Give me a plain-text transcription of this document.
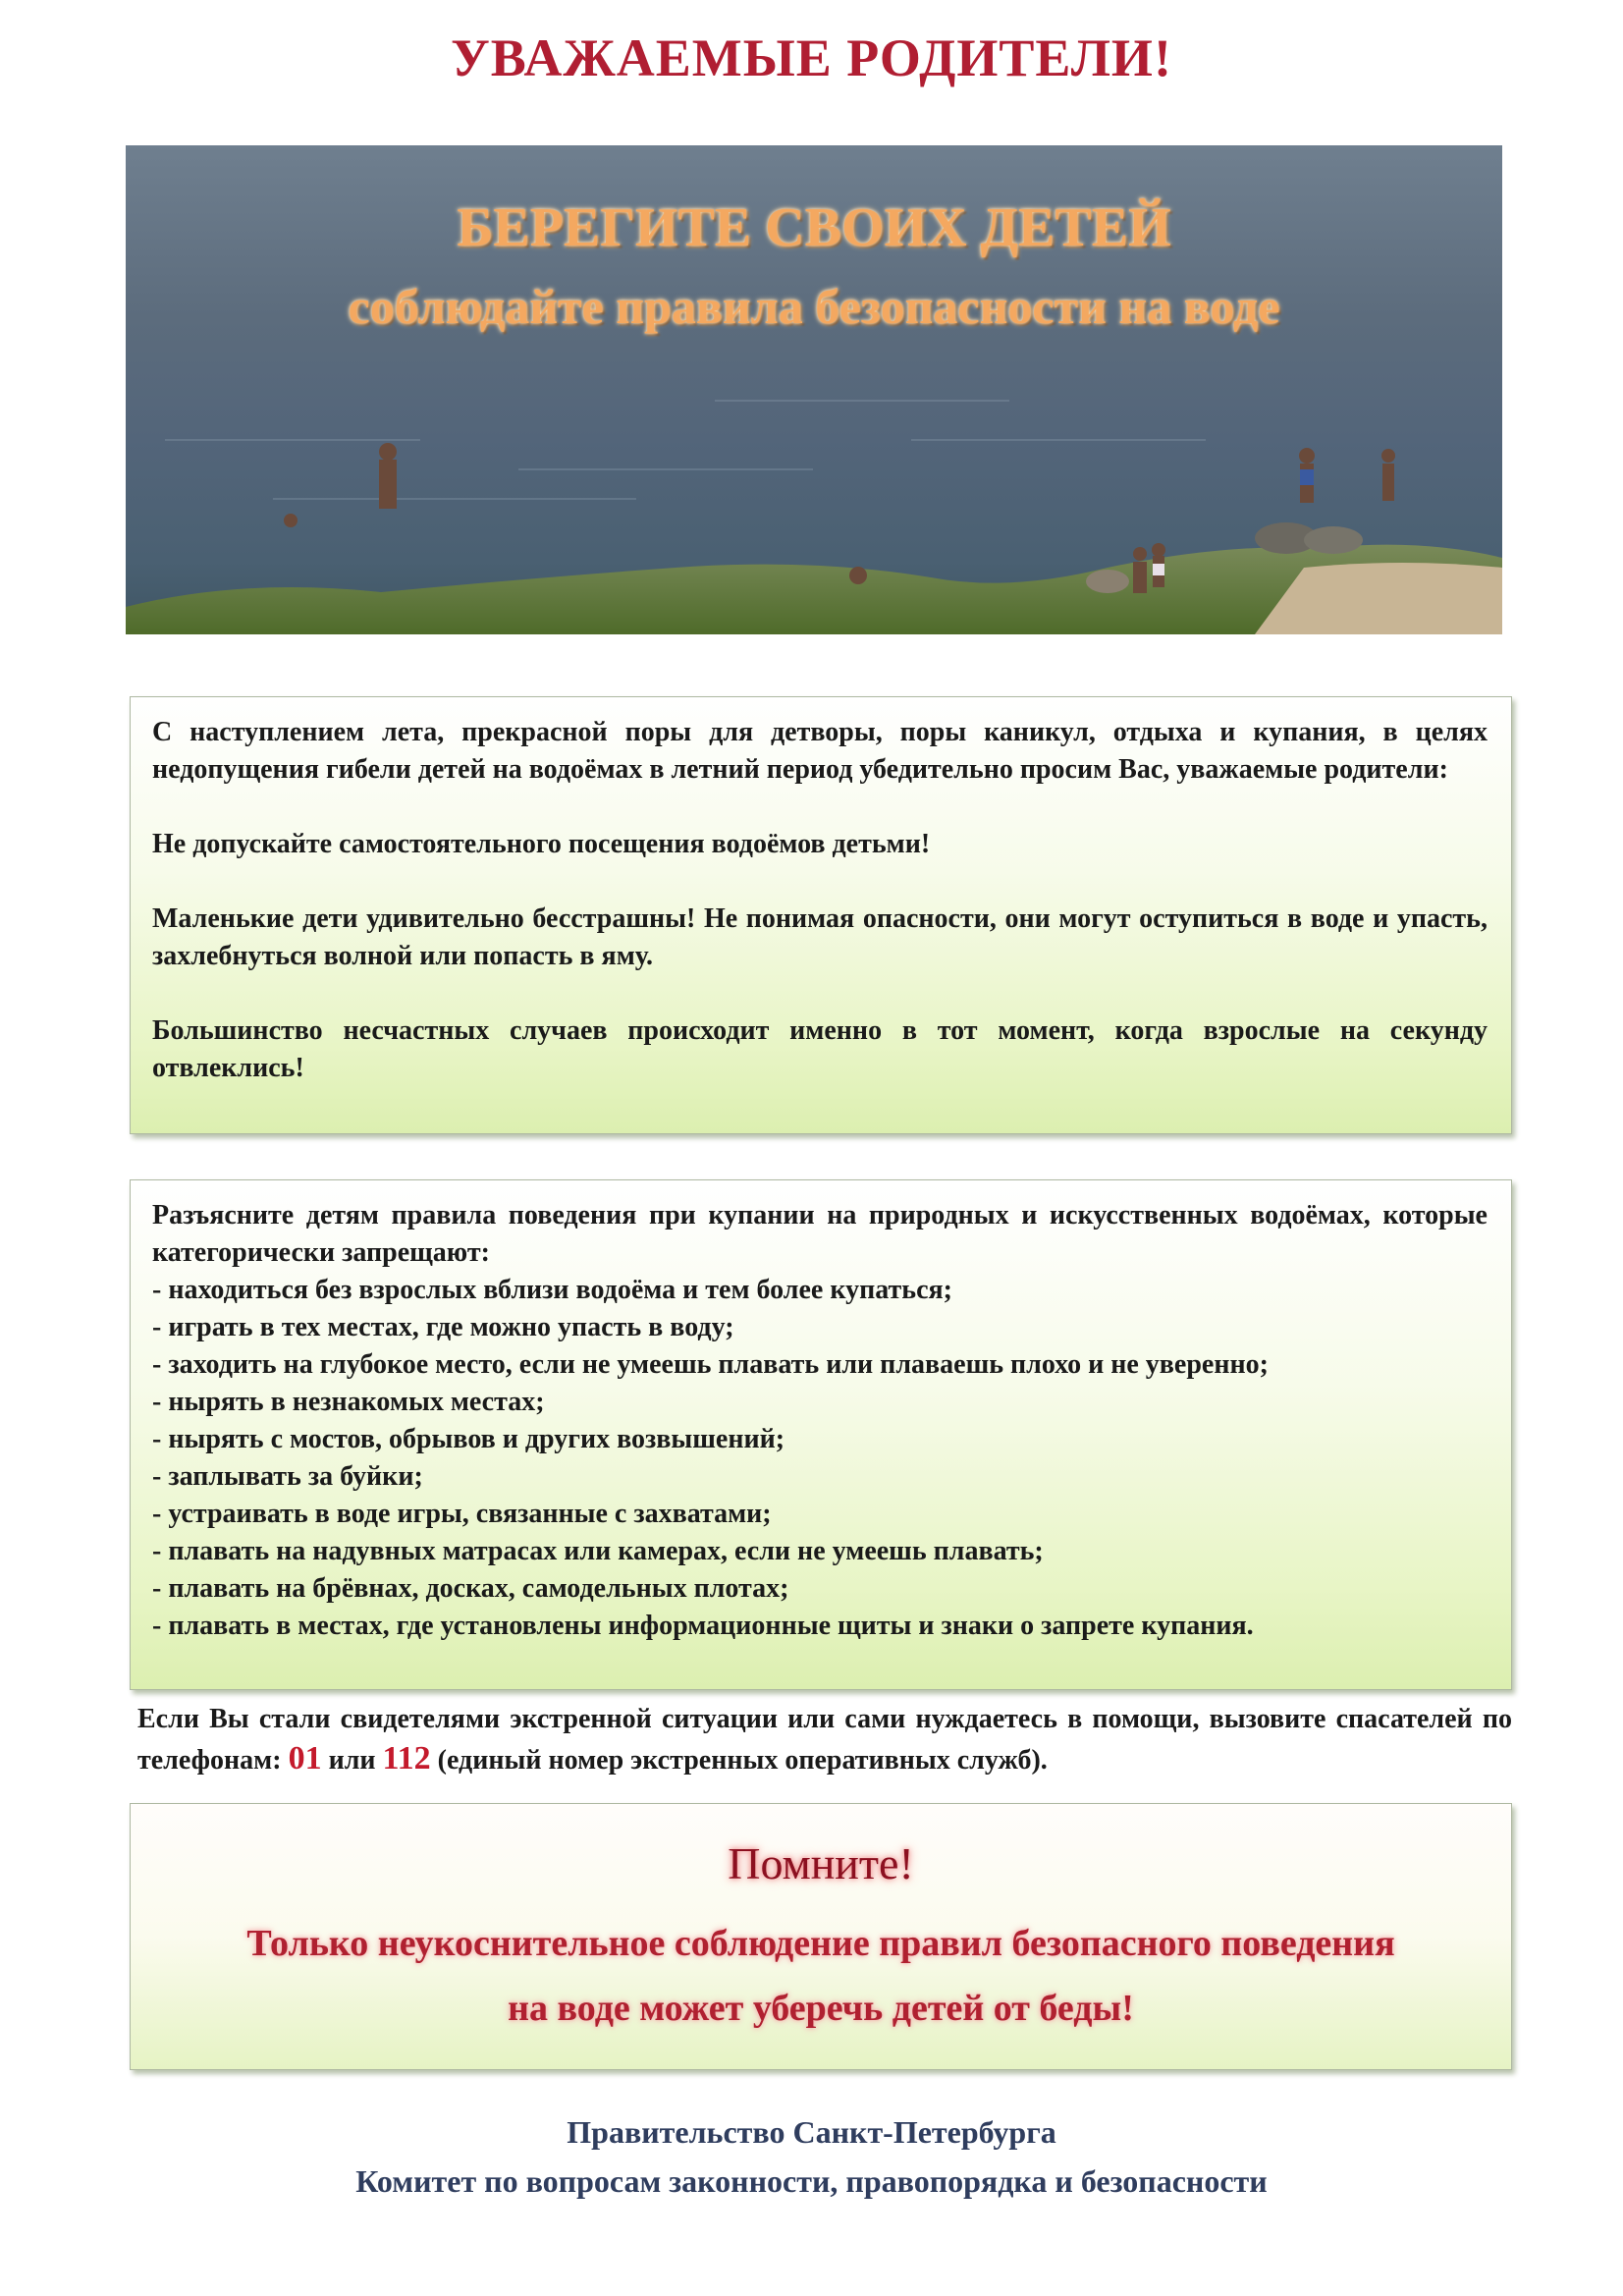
УВАЖАЕМЫЕ РОДИТЕЛИ!
БЕРЕГИТЕ СВОИХ ДЕТЕЙ
соблюдайте правила безопасности на воде

С наступлением лета, прекрасной поры для детворы, поры каникул, отдыха и купания, в целях недопущения гибели детей на водоёмах в летний период убедительно просим Вас, уважаемые родители:

Не допускайте самостоятельного посещения водоёмов детьми!

Маленькие дети удивительно бесстрашны! Не понимая опасности, они могут оступиться в воде и упасть, захлебнуться волной или попасть в яму.

Большинство несчастных случаев происходит именно в тот момент, когда взрослые на секунду отвлеклись!

Разъясните детям правила поведения при купании на природных и искусственных водоёмах, которые категорически запрещают:

- находиться без взрослых вблизи водоёма и тем более купаться;

- играть в тех местах, где можно упасть в воду;

- заходить на глубокое место, если не умеешь плавать или плаваешь плохо и не уверенно;

- нырять в незнакомых местах;

- нырять с мостов, обрывов и других возвышений;

- заплывать за буйки;

- устраивать в воде игры, связанные с захватами;

- плавать на надувных матрасах или камерах, если не умеешь плавать;

- плавать на брёвнах, досках, самодельных плотах;

- плавать в местах, где установлены информационные щиты и знаки о запрете купания.

Если Вы стали свидетелями экстренной ситуации или сами нуждаетесь в помощи, вызовите спасателей по телефонам: 01 или 112 (единый номер экстренных оперативных служб).
Помните!
Только неукоснительное соблюдение правил безопасного поведения
на воде может уберечь детей от беды!
Правительство Санкт-Петербурга
Комитет по вопросам законности, правопорядка и безопасности
